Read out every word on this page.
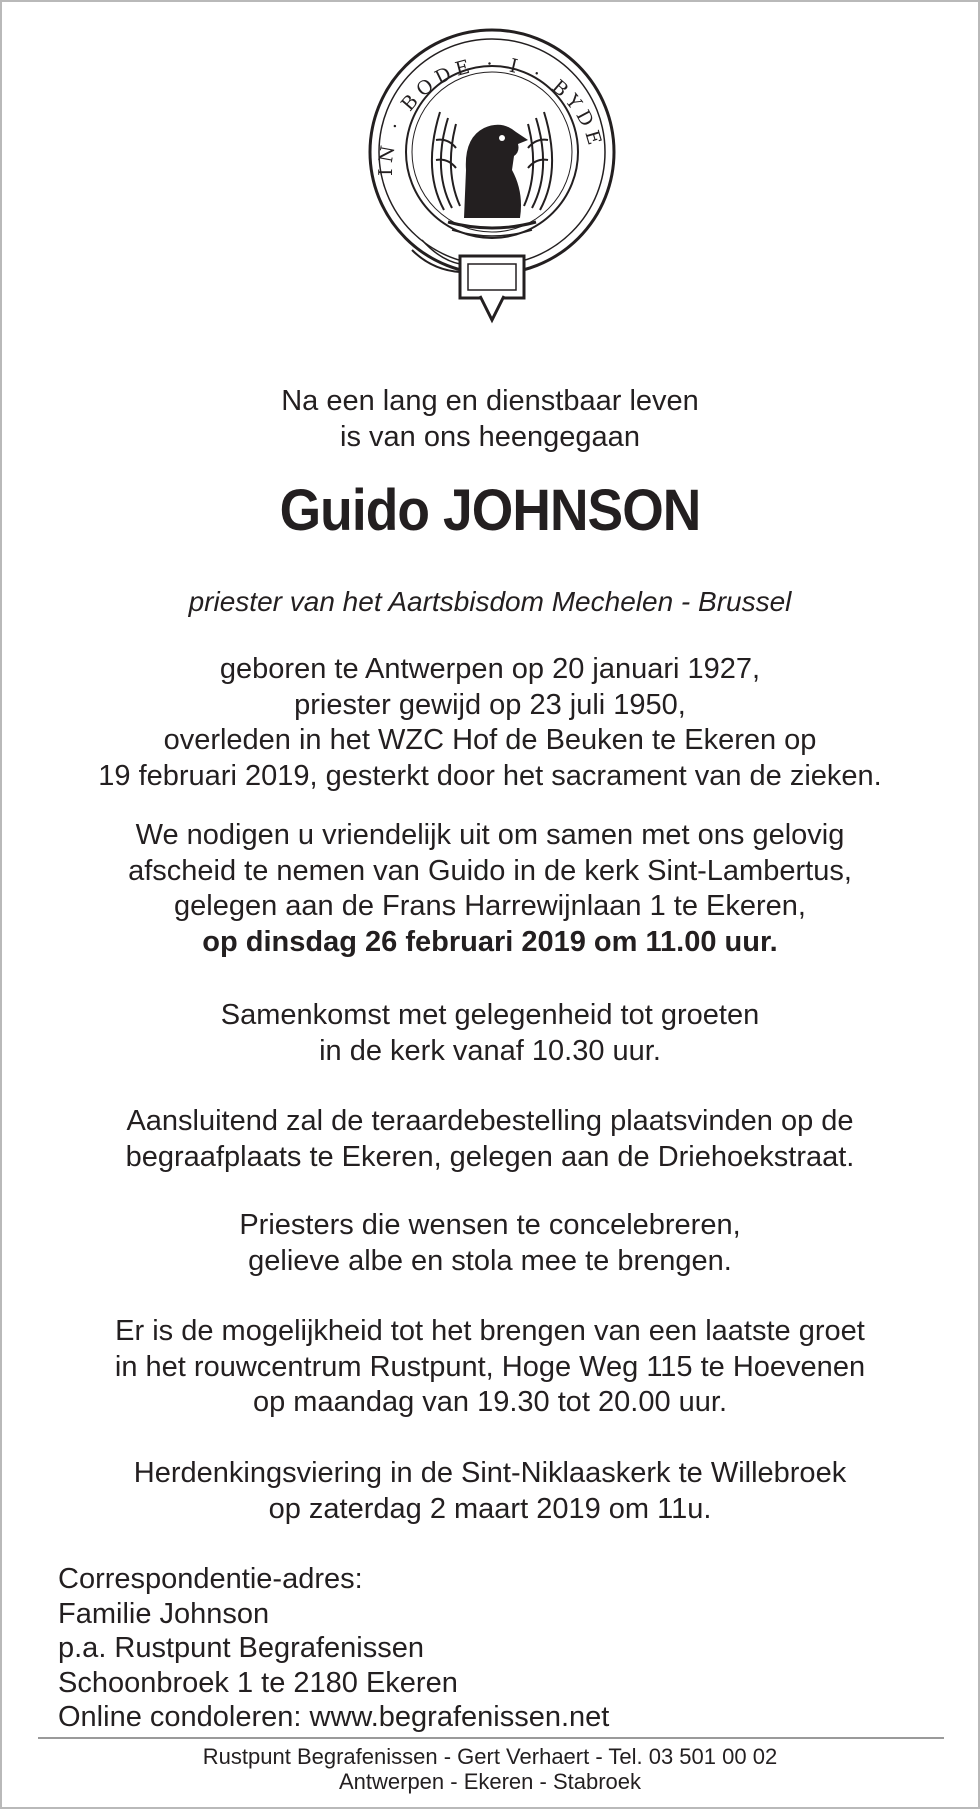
IN · BODE · I · BYDE
Na een lang en dienstbaar leven
is van ons heengegaan
Guido JOHNSON
priester van het Aartsbisdom Mechelen - Brussel
geboren te Antwerpen op 20 januari 1927,
priester gewijd op 23 juli 1950,
overleden in het WZC Hof de Beuken te Ekeren op
19 februari 2019, gesterkt door het sacrament van de zieken.
We nodigen u vriendelijk uit om samen met ons gelovig
afscheid te nemen van Guido in de kerk Sint-Lambertus,
gelegen aan de Frans Harrewijnlaan 1 te Ekeren,
op dinsdag 26 februari 2019 om 11.00 uur.
Samenkomst met gelegenheid tot groeten
in de kerk vanaf 10.30 uur.
Aansluitend zal de teraardebestelling plaatsvinden op de
begraafplaats te Ekeren, gelegen aan de Driehoekstraat.
Priesters die wensen te concelebreren,
gelieve albe en stola mee te brengen.
Er is de mogelijkheid tot het brengen van een laatste groet
in het rouwcentrum Rustpunt, Hoge Weg 115 te Hoevenen
op maandag van 19.30 tot 20.00 uur.
Herdenkingsviering in de Sint-Niklaaskerk te Willebroek
op zaterdag 2 maart 2019 om 11u.
Correspondentie-adres:
Familie Johnson
p.a. Rustpunt Begrafenissen
Schoonbroek 1 te 2180 Ekeren
Online condoleren: www.begrafenissen.net
Rustpunt Begrafenissen - Gert Verhaert - Tel. 03 501 00 02
Antwerpen - Ekeren - Stabroek
